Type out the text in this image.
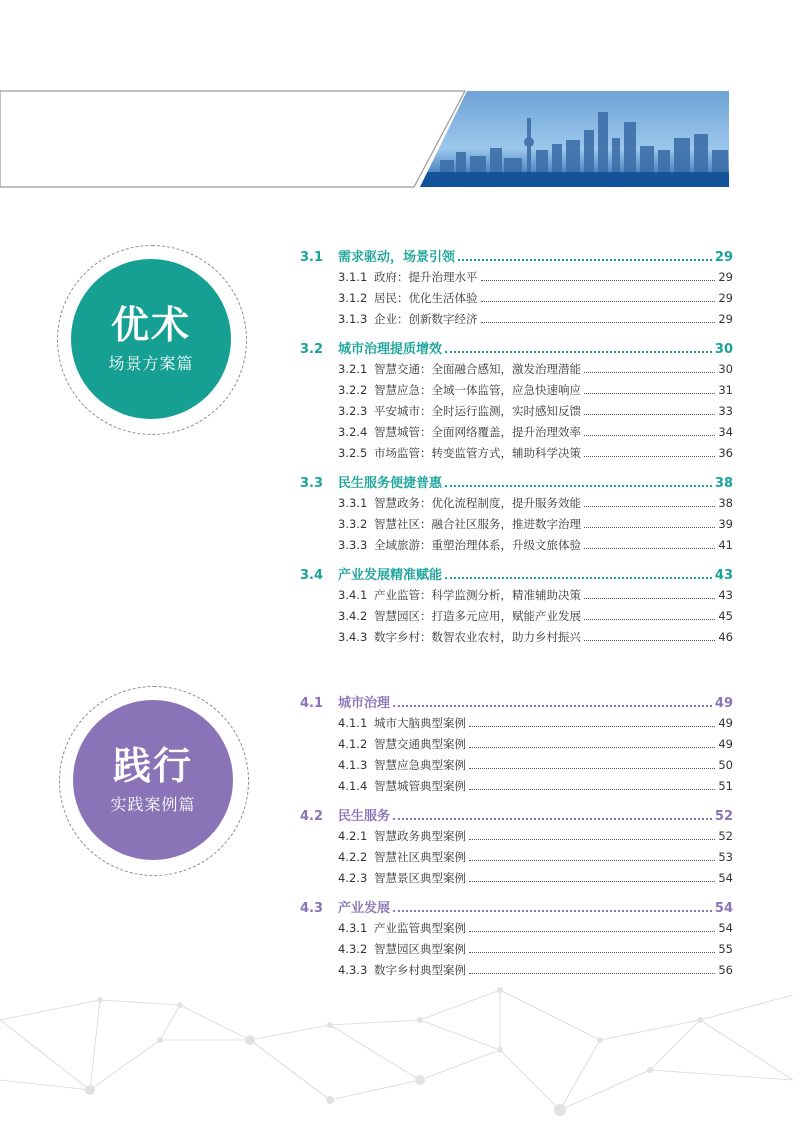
优术
场景方案篇
践行
实践案例篇
3.1	需求驱动，场景引领	29
3.1.1 政府：提升治理水平	29
3.1.2 居民：优化生活体验	29
3.1.3 企业：创新数字经济	29
3.2	城市治理提质增效	30
3.2.1 智慧交通：全面融合感知，激发治理潜能	30
3.2.2 智慧应急：全域一体监管，应急快速响应	31
3.2.3 平安城市：全时运行监测，实时感知反馈	33
3.2.4 智慧城管：全面网络覆盖，提升治理效率	34
3.2.5 市场监管：转变监管方式，辅助科学决策	36
3.3	民生服务便捷普惠	38
3.3.1 智慧政务：优化流程制度，提升服务效能	38
3.3.2 智慧社区：融合社区服务，推进数字治理	39
3.3.3 全域旅游：重塑治理体系，升级文旅体验	41
3.4	产业发展精准赋能	43
3.4.1 产业监管：科学监测分析，精准辅助决策	43
3.4.2 智慧园区：打造多元应用，赋能产业发展	45
3.4.3 数字乡村：数智农业农村，助力乡村振兴	46
4.1	城市治理	49
4.1.1 城市大脑典型案例	49
4.1.2 智慧交通典型案例	49
4.1.3 智慧应急典型案例	50
4.1.4 智慧城管典型案例	51
4.2	民生服务	52
4.2.1 智慧政务典型案例	52
4.2.2 智慧社区典型案例	53
4.2.3 智慧景区典型案例	54
4.3	产业发展	54
4.3.1 产业监管典型案例	54
4.3.2 智慧园区典型案例	55
4.3.3 数字乡村典型案例	56
